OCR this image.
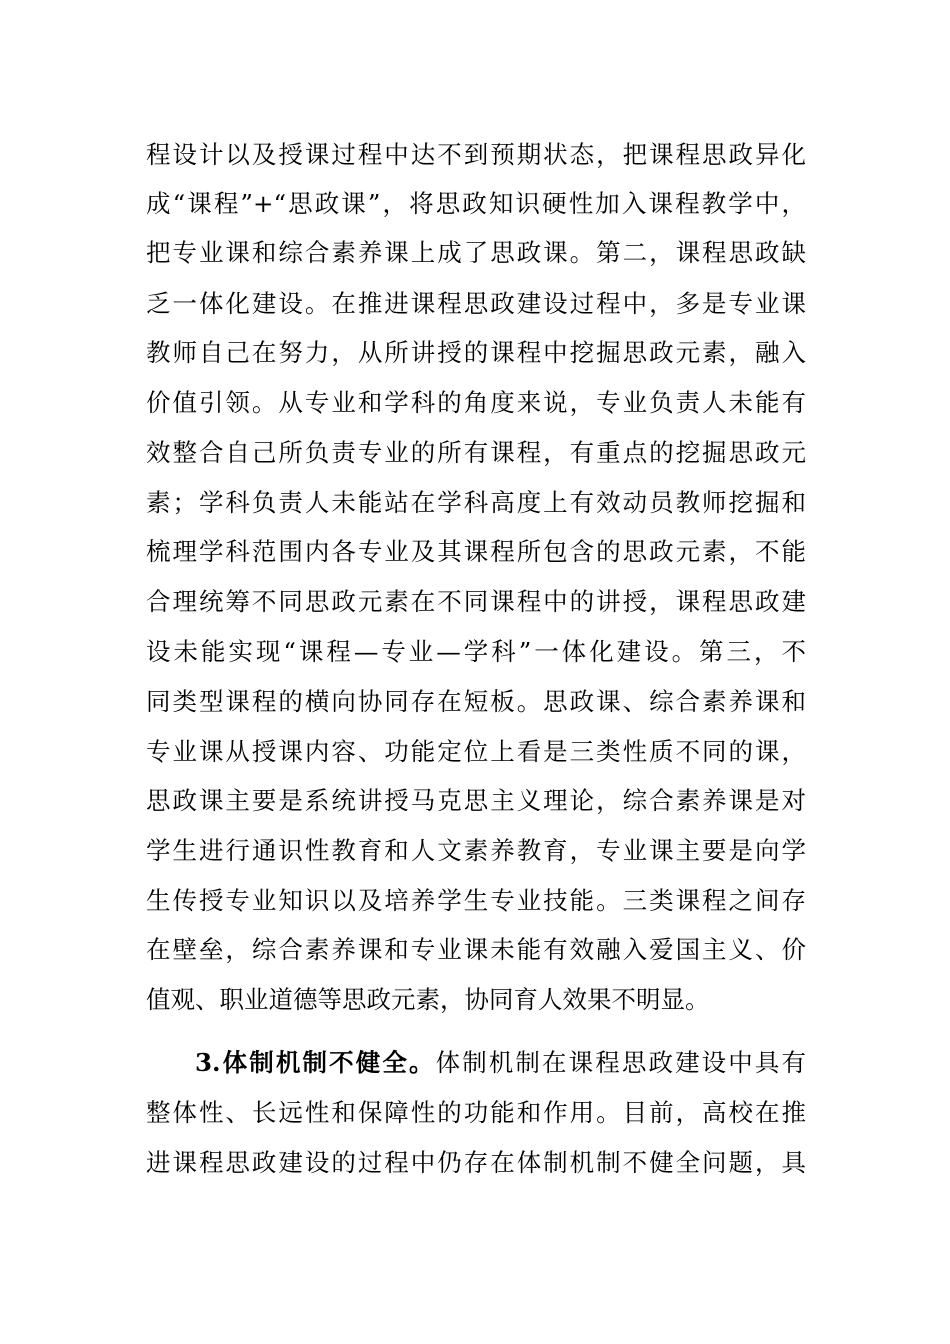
程设计以及授课过程中达不到预期状态，把课程思政异化
成“课程”+“思政课”，将思政知识硬性加入课程教学中，
把专业课和综合素养课上成了思政课。第二，课程思政缺
乏一体化建设。在推进课程思政建设过程中，多是专业课
教师自己在努力，从所讲授的课程中挖掘思政元素，融入
价值引领。从专业和学科的角度来说，专业负责人未能有
效整合自己所负责专业的所有课程，有重点的挖掘思政元
素；学科负责人未能站在学科高度上有效动员教师挖掘和
梳理学科范围内各专业及其课程所包含的思政元素，不能
合理统筹不同思政元素在不同课程中的讲授，课程思政建
设未能实现“课程—专业—学科”一体化建设。第三，不
同类型课程的横向协同存在短板。思政课、综合素养课和
专业课从授课内容、功能定位上看是三类性质不同的课，
思政课主要是系统讲授马克思主义理论，综合素养课是对
学生进行通识性教育和人文素养教育，专业课主要是向学
生传授专业知识以及培养学生专业技能。三类课程之间存
在壁垒，综合素养课和专业课未能有效融入爱国主义、价
值观、职业道德等思政元素，协同育人效果不明显。
3.体制机制不健全。体制机制在课程思政建设中具有
整体性、长远性和保障性的功能和作用。目前，高校在推
进课程思政建设的过程中仍存在体制机制不健全问题，具
